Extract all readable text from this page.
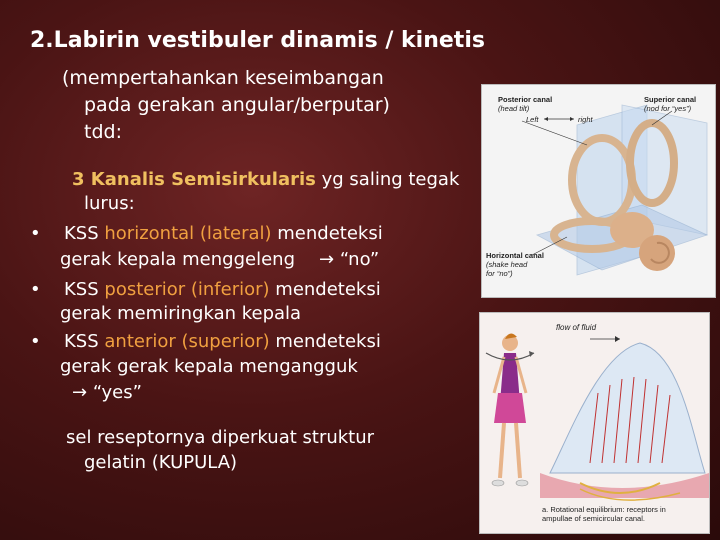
2.Labirin vestibuler dinamis / kinetis
(mempertahankan keseimbangan
pada gerakan angular/berputar)
tdd:
3 Kanalis Semisirkularis yg saling tegak
lurus:
• KSS horizontal (lateral) mendeteksi
gerak kepala menggeleng → “no”
• KSS posterior (inferior) mendeteksi
gerak memiringkan kepala
• KSS anterior (superior) mendeteksi
gerak gerak kepala mengangguk
→ “yes”
sel reseptornya diperkuat struktur
gelatin (KUPULA)
Posterior canal
(head tilt)
Left	right
Superior canal
(nod for “yes”)
Horizontal canal
(shake head
for “no”)
flow of fluid
a. Rotational equilibrium: receptors in
ampullae of semicircular canal.
